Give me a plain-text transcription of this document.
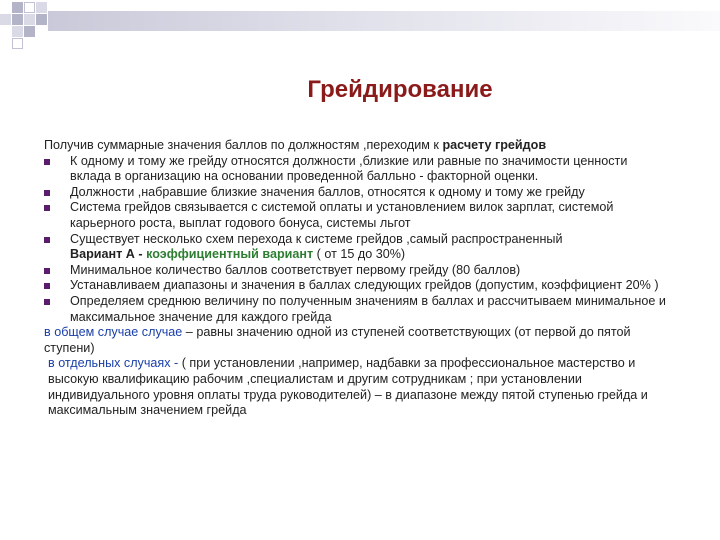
Грейдирование

Получив суммарные значения баллов по должностям ,переходим к расчету грейдов

К одному и тому же грейду относятся должности ,близкие или равные по значимости ценности вклада в организацию на основании проведенной балльно - факторной оценки.
Должности ,набравшие близкие значения баллов, относятся к одному и тому же грейду
Система грейдов связывается с системой оплаты и установлением вилок зарплат, системой карьерного роста, выплат годового бонуса, системы льгот
Существует несколько схем перехода к системе грейдов ,самый распространенный
Вариант А - коэффициентный вариант ( от 15 до 30%)
Минимальное количество баллов соответствует первому грейду (80 баллов)
Устанавливаем диапазоны и значения в баллах следующих грейдов (допустим, коэффициент 20% )
Определяем среднюю величину по полученным значениям в баллах и рассчитываем минимальное и максимальное значение для каждого грейда

в общем случае случае – равны значению одной из ступеней соответствующих (от первой до пятой ступени)

в отдельных случаях - ( при установлении ,например, надбавки за профессиональное мастерство и высокую квалификацию рабочим ,специалистам и другим сотрудникам ; при установлении индивидуального уровня оплаты труда руководителей) – в диапазоне между пятой ступенью грейда и максимальным значением грейда
